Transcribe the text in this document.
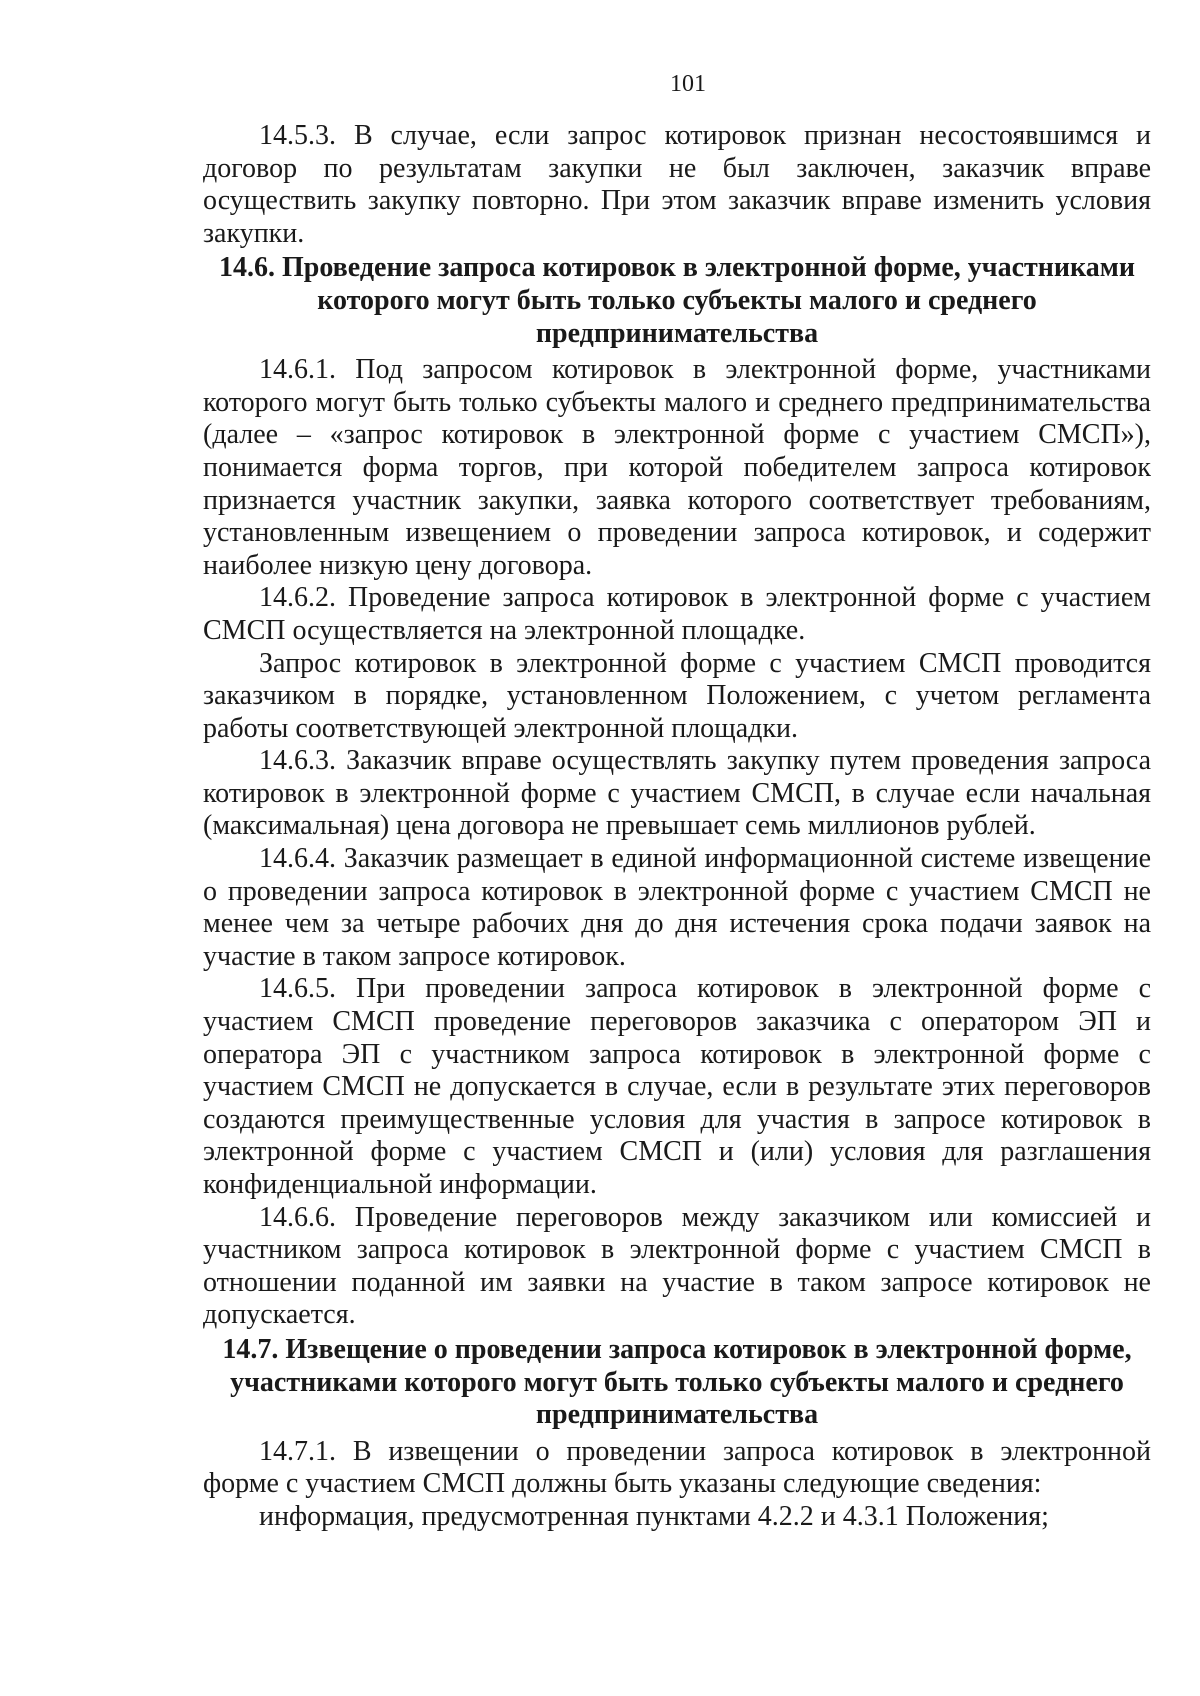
101

14.5.3. В случае, если запрос котировок признан несостоявшимся и договор по результатам закупки не был заключен, заказчик вправе осуществить закупку повторно. При этом заказчик вправе изменить условия закупки.

14.6. Проведение запроса котировок в электронной форме, участниками которого могут быть только субъекты малого и среднего предпринимательства

14.6.1. Под запросом котировок в электронной форме, участниками которого могут быть только субъекты малого и среднего предпринимательства (далее – «запрос котировок в электронной форме с участием СМСП»), понимается форма торгов, при которой победителем запроса котировок признается участник закупки, заявка которого соответствует требованиям, установленным извещением о проведении запроса котировок, и содержит наиболее низкую цену договора.

14.6.2. Проведение запроса котировок в электронной форме с участием СМСП осуществляется на электронной площадке.

Запрос котировок в электронной форме с участием СМСП проводится заказчиком в порядке, установленном Положением, с учетом регламента работы соответствующей электронной площадки.

14.6.3. Заказчик вправе осуществлять закупку путем проведения запроса котировок в электронной форме с участием СМСП, в случае если начальная (максимальная) цена договора не превышает семь миллионов рублей.

14.6.4. Заказчик размещает в единой информационной системе извещение о проведении запроса котировок в электронной форме с участием СМСП не менее чем за четыре рабочих дня до дня истечения срока подачи заявок на участие в таком запросе котировок.

14.6.5. При проведении запроса котировок в электронной форме с участием СМСП проведение переговоров заказчика с оператором ЭП и оператора ЭП с участником запроса котировок в электронной форме с участием СМСП не допускается в случае, если в результате этих переговоров создаются преимущественные условия для участия в запросе котировок в электронной форме с участием СМСП и (или) условия для разглашения конфиденциальной информации.

14.6.6. Проведение переговоров между заказчиком или комиссией и участником запроса котировок в электронной форме с участием СМСП в отношении поданной им заявки на участие в таком запросе котировок не допускается.

14.7. Извещение о проведении запроса котировок в электронной форме, участниками которого могут быть только субъекты малого и среднего предпринимательства

14.7.1. В извещении о проведении запроса котировок в электронной форме с участием СМСП должны быть указаны следующие сведения:

информация, предусмотренная пунктами 4.2.2 и 4.3.1 Положения;
